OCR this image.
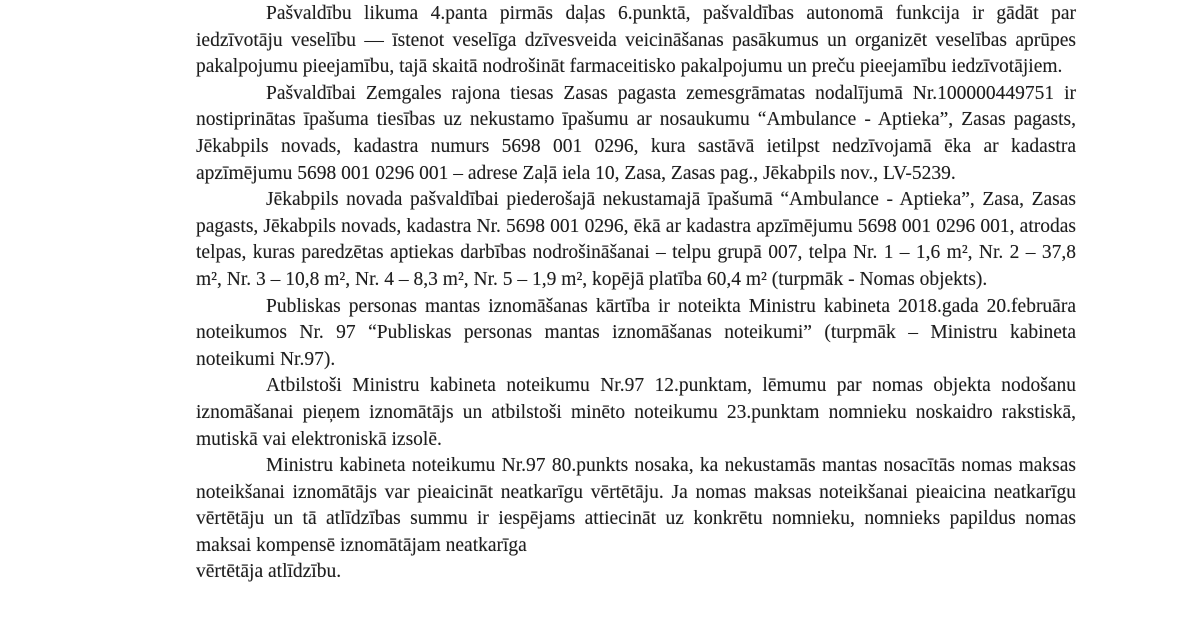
Pašvaldību likuma 4.panta pirmās daļas 6.punktā, pašvaldības autonomā funkcija ir gādāt par iedzīvotāju veselību — īstenot veselīga dzīvesveida veicināšanas pasākumus un organizēt veselības aprūpes pakalpojumu pieejamību, tajā skaitā nodrošināt farmaceitisko pakalpojumu un preču pieejamību iedzīvotājiem.

Pašvaldībai Zemgales rajona tiesas Zasas pagasta zemesgrāmatas nodalījumā Nr.100000449751 ir nostiprinātas īpašuma tiesības uz nekustamo īpašumu ar nosaukumu “Ambulance - Aptieka”, Zasas pagasts, Jēkabpils novads, kadastra numurs 5698 001 0296, kura sastāvā ietilpst nedzīvojamā ēka ar kadastra apzīmējumu 5698 001 0296 001 – adrese Zaļā iela 10, Zasa, Zasas pag., Jēkabpils nov., LV-5239.

Jēkabpils novada pašvaldībai piederošajā nekustamajā īpašumā “Ambulance - Aptieka”, Zasa, Zasas pagasts, Jēkabpils novads, kadastra Nr. 5698 001 0296, ēkā ar kadastra apzīmējumu 5698 001 0296 001, atrodas telpas, kuras paredzētas aptiekas darbības nodrošināšanai – telpu grupā 007, telpa Nr. 1 – 1,6 m², Nr. 2 – 37,8 m², Nr. 3 – 10,8 m², Nr. 4 – 8,3 m², Nr. 5 – 1,9 m², kopējā platība 60,4 m² (turpmāk - Nomas objekts).

Publiskas personas mantas iznomāšanas kārtība ir noteikta Ministru kabineta 2018.gada 20.februāra noteikumos Nr. 97 “Publiskas personas mantas iznomāšanas noteikumi” (turpmāk – Ministru kabineta noteikumi Nr.97).

Atbilstoši Ministru kabineta noteikumu Nr.97 12.punktam, lēmumu par nomas objekta nodošanu iznomāšanai pieņem iznomātājs un atbilstoši minēto noteikumu 23.punktam nomnieku noskaidro rakstiskā, mutiskā vai elektroniskā izsolē.

Ministru kabineta noteikumu Nr.97 80.punkts nosaka, ka nekustamās mantas nosacītās nomas maksas noteikšanai iznomātājs var pieaicināt neatkarīgu vērtētāju. Ja nomas maksas noteikšanai pieaicina neatkarīgu vērtētāju un tā atlīdzības summu ir iespējams attiecināt uz konkrētu nomnieku, nomnieks papildus nomas maksai kompensē iznomātājam neatkarīga

vērtētāja atlīdzību.
